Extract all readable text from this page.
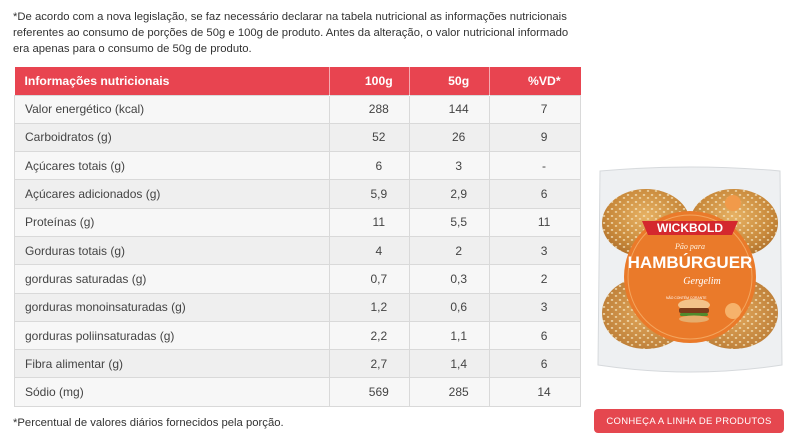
*De acordo com a nova legislação, se faz necessário declarar na tabela nutricional as informações nutricionais referentes ao consumo de porções de 50g e 100g de produto. Antes da alteração, o valor nutricional informado era apenas para o consumo de 50g de produto.

Informações nutricionais	100g	50g	%VD*
Valor energético (kcal)	288	144	7
Carboidratos (g)	52	26	9
Açúcares totais (g)	6	3	-
Açúcares adicionados (g)	5,9	2,9	6
Proteínas (g)	11	5,5	11
Gorduras totais (g)	4	2	3
gorduras saturadas (g)	0,7	0,3	2
gorduras monoinsaturadas (g)	1,2	0,6	3
gorduras poliinsaturadas (g)	2,2	1,1	6
Fibra alimentar (g)	2,7	1,4	6
Sódio (mg)	569	285	14

*Percentual de valores diários fornecidos pela porção.	CONHEÇA A LINHA DE PRODUTOS
WICKBOLD
Pão para
HAMBÚRGUER
Gergelim
NÃO CONTÉM CORANTE
